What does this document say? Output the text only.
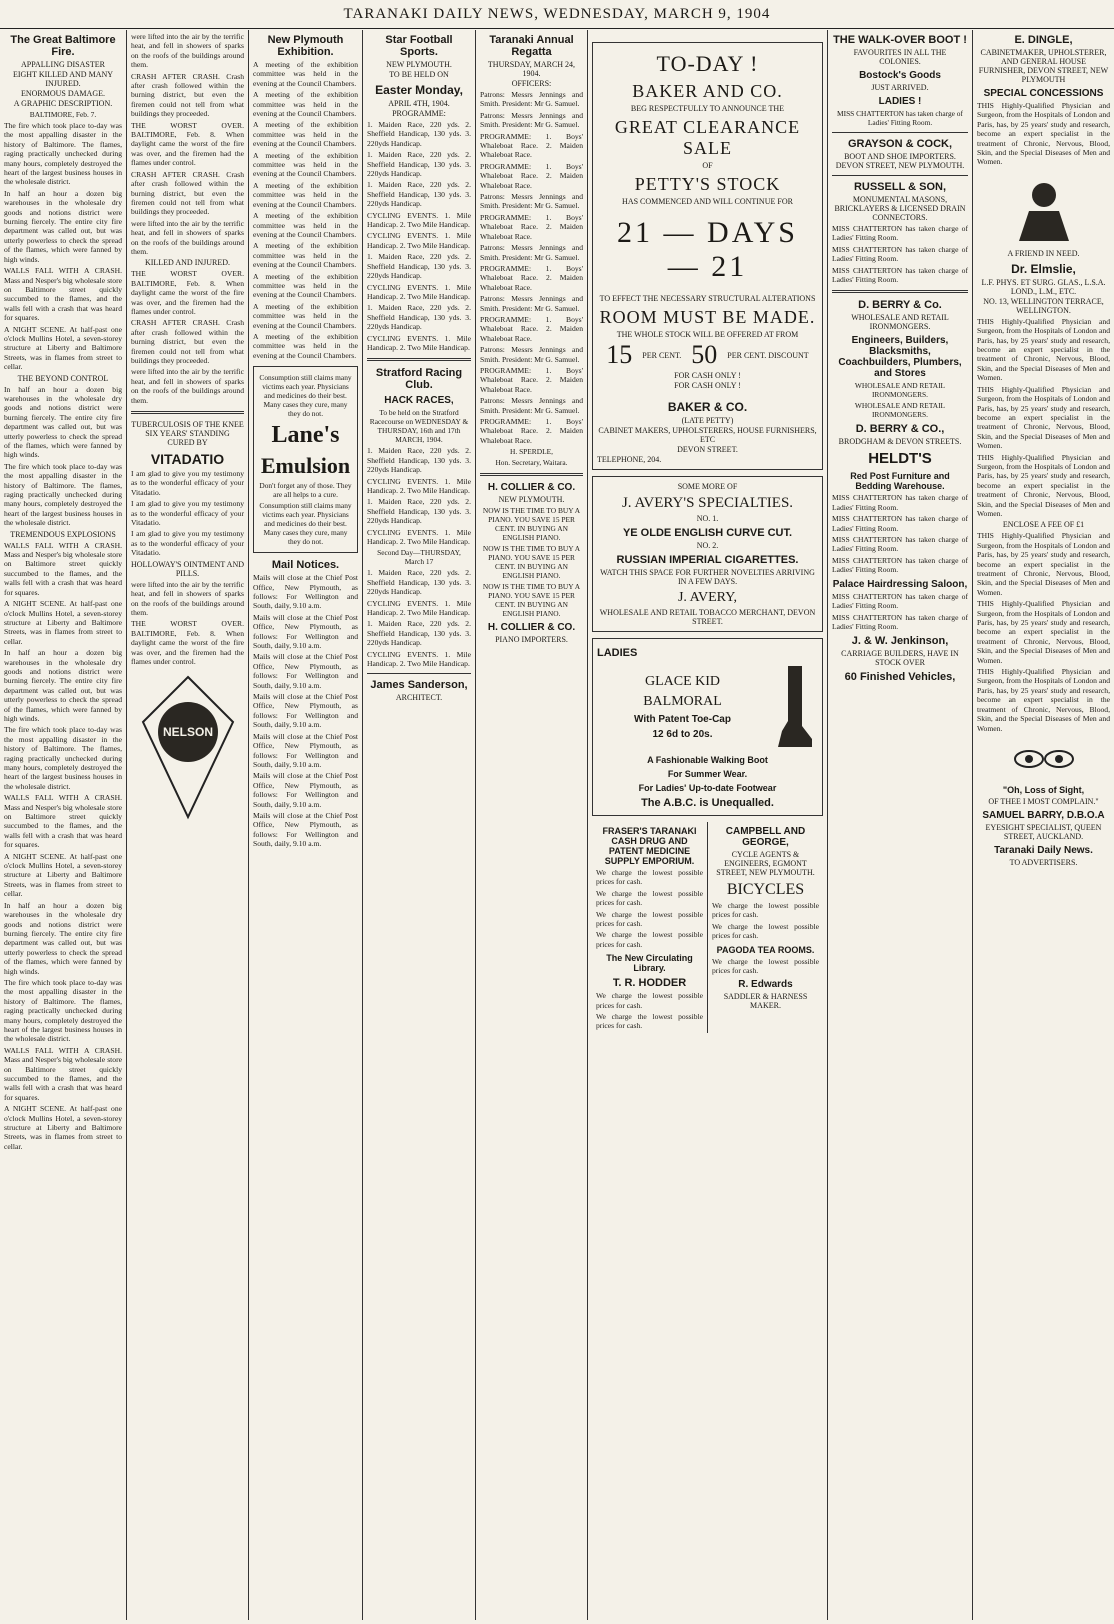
TARANAKI DAILY NEWS, WEDNESDAY, MARCH 9, 1904
The Great Baltimore Fire.
APPALLING DISASTER
EIGHT KILLED AND MANY INJURED.
ENORMOUS DAMAGE.
A GRAPHIC DESCRIPTION.
BALTIMORE, Feb. 7.

The fire which took place to-day was the most appalling disaster in the history of Baltimore. The flames, raging practically unchecked during many hours, completely destroyed the heart of the largest business houses in the wholesale district.

In half an hour a dozen big warehouses in the wholesale dry goods and notions district were burning fiercely. The entire city fire department was called out, but was utterly powerless to check the spread of the flames, which were fanned by high winds.

WALLS FALL WITH A CRASH. Mass and Nesper's big wholesale store on Baltimore street quickly succumbed to the flames, and the walls fell with a crash that was heard for squares.

A NIGHT SCENE. At half-past one o'clock Mullins Hotel, a seven-storey structure at Liberty and Baltimore Streets, was in flames from street to cellar.

THE BEYOND CONTROL

In half an hour a dozen big warehouses in the wholesale dry goods and notions district were burning fiercely. The entire city fire department was called out, but was utterly powerless to check the spread of the flames, which were fanned by high winds.

The fire which took place to-day was the most appalling disaster in the history of Baltimore. The flames, raging practically unchecked during many hours, completely destroyed the heart of the largest business houses in the wholesale district.

TREMENDOUS EXPLOSIONS

WALLS FALL WITH A CRASH. Mass and Nesper's big wholesale store on Baltimore street quickly succumbed to the flames, and the walls fell with a crash that was heard for squares.

A NIGHT SCENE. At half-past one o'clock Mullins Hotel, a seven-storey structure at Liberty and Baltimore Streets, was in flames from street to cellar.

In half an hour a dozen big warehouses in the wholesale dry goods and notions district were burning fiercely. The entire city fire department was called out, but was utterly powerless to check the spread of the flames, which were fanned by high winds.

The fire which took place to-day was the most appalling disaster in the history of Baltimore. The flames, raging practically unchecked during many hours, completely destroyed the heart of the largest business houses in the wholesale district.

WALLS FALL WITH A CRASH. Mass and Nesper's big wholesale store on Baltimore street quickly succumbed to the flames, and the walls fell with a crash that was heard for squares.

A NIGHT SCENE. At half-past one o'clock Mullins Hotel, a seven-storey structure at Liberty and Baltimore Streets, was in flames from street to cellar.

In half an hour a dozen big warehouses in the wholesale dry goods and notions district were burning fiercely. The entire city fire department was called out, but was utterly powerless to check the spread of the flames, which were fanned by high winds.

The fire which took place to-day was the most appalling disaster in the history of Baltimore. The flames, raging practically unchecked during many hours, completely destroyed the heart of the largest business houses in the wholesale district.

WALLS FALL WITH A CRASH. Mass and Nesper's big wholesale store on Baltimore street quickly succumbed to the flames, and the walls fell with a crash that was heard for squares.

A NIGHT SCENE. At half-past one o'clock Mullins Hotel, a seven-storey structure at Liberty and Baltimore Streets, was in flames from street to cellar.

were lifted into the air by the terrific heat, and fell in showers of sparks on the roofs of the buildings around them.

CRASH AFTER CRASH. Crash after crash followed within the burning district, but even the firemen could not tell from what buildings they proceeded.

THE WORST OVER. BALTIMORE, Feb. 8. When daylight came the worst of the fire was over, and the firemen had the flames under control.

CRASH AFTER CRASH. Crash after crash followed within the burning district, but even the firemen could not tell from what buildings they proceeded.

were lifted into the air by the terrific heat, and fell in showers of sparks on the roofs of the buildings around them.

KILLED AND INJURED.

THE WORST OVER. BALTIMORE, Feb. 8. When daylight came the worst of the fire was over, and the firemen had the flames under control.

CRASH AFTER CRASH. Crash after crash followed within the burning district, but even the firemen could not tell from what buildings they proceeded.

were lifted into the air by the terrific heat, and fell in showers of sparks on the roofs of the buildings around them.

TUBERCULOSIS OF THE KNEE SIX YEARS' STANDING CURED BY
VITADATIO

I am glad to give you my testimony as to the wonderful efficacy of your Vitadatio.

I am glad to give you my testimony as to the wonderful efficacy of your Vitadatio.

I am glad to give you my testimony as to the wonderful efficacy of your Vitadatio.

HOLLOWAY'S OINTMENT AND PILLS.

were lifted into the air by the terrific heat, and fell in showers of sparks on the roofs of the buildings around them.

THE WORST OVER. BALTIMORE, Feb. 8. When daylight came the worst of the fire was over, and the firemen had the flames under control.

NELSON
New Plymouth Exhibition.

A meeting of the exhibition committee was held in the evening at the Council Chambers.

A meeting of the exhibition committee was held in the evening at the Council Chambers.

A meeting of the exhibition committee was held in the evening at the Council Chambers.

A meeting of the exhibition committee was held in the evening at the Council Chambers.

A meeting of the exhibition committee was held in the evening at the Council Chambers.

A meeting of the exhibition committee was held in the evening at the Council Chambers.

A meeting of the exhibition committee was held in the evening at the Council Chambers.

A meeting of the exhibition committee was held in the evening at the Council Chambers.

A meeting of the exhibition committee was held in the evening at the Council Chambers.

A meeting of the exhibition committee was held in the evening at the Council Chambers.

Consumption still claims many victims each year. Physicians and medicines do their best. Many cases they cure, many they do not.

Lane's
Emulsion

Don't forget any of those. They are all helps to a cure.

Consumption still claims many victims each year. Physicians and medicines do their best. Many cases they cure, many they do not.

Mail Notices.

Mails will close at the Chief Post Office, New Plymouth, as follows: For Wellington and South, daily, 9.10 a.m.

Mails will close at the Chief Post Office, New Plymouth, as follows: For Wellington and South, daily, 9.10 a.m.

Mails will close at the Chief Post Office, New Plymouth, as follows: For Wellington and South, daily, 9.10 a.m.

Mails will close at the Chief Post Office, New Plymouth, as follows: For Wellington and South, daily, 9.10 a.m.

Mails will close at the Chief Post Office, New Plymouth, as follows: For Wellington and South, daily, 9.10 a.m.

Mails will close at the Chief Post Office, New Plymouth, as follows: For Wellington and South, daily, 9.10 a.m.

Mails will close at the Chief Post Office, New Plymouth, as follows: For Wellington and South, daily, 9.10 a.m.

Star Football Sports.
NEW PLYMOUTH.
TO BE HELD ON
Easter Monday,
APRIL 4TH, 1904.
PROGRAMME:

1. Maiden Race, 220 yds. 2. Sheffield Handicap, 130 yds. 3. 220yds Handicap.

1. Maiden Race, 220 yds. 2. Sheffield Handicap, 130 yds. 3. 220yds Handicap.

1. Maiden Race, 220 yds. 2. Sheffield Handicap, 130 yds. 3. 220yds Handicap.

CYCLING EVENTS. 1. Mile Handicap. 2. Two Mile Handicap.

CYCLING EVENTS. 1. Mile Handicap. 2. Two Mile Handicap.

1. Maiden Race, 220 yds. 2. Sheffield Handicap, 130 yds. 3. 220yds Handicap.

CYCLING EVENTS. 1. Mile Handicap. 2. Two Mile Handicap.

1. Maiden Race, 220 yds. 2. Sheffield Handicap, 130 yds. 3. 220yds Handicap.

CYCLING EVENTS. 1. Mile Handicap. 2. Two Mile Handicap.

Stratford Racing Club.
HACK RACES,

To be held on the Stratford Racecourse on WEDNESDAY & THURSDAY, 16th and 17th MARCH, 1904.

1. Maiden Race, 220 yds. 2. Sheffield Handicap, 130 yds. 3. 220yds Handicap.

CYCLING EVENTS. 1. Mile Handicap. 2. Two Mile Handicap.

1. Maiden Race, 220 yds. 2. Sheffield Handicap, 130 yds. 3. 220yds Handicap.

CYCLING EVENTS. 1. Mile Handicap. 2. Two Mile Handicap.

Second Day—THURSDAY, March 17

1. Maiden Race, 220 yds. 2. Sheffield Handicap, 130 yds. 3. 220yds Handicap.

CYCLING EVENTS. 1. Mile Handicap. 2. Two Mile Handicap.

1. Maiden Race, 220 yds. 2. Sheffield Handicap, 130 yds. 3. 220yds Handicap.

CYCLING EVENTS. 1. Mile Handicap. 2. Two Mile Handicap.

James Sanderson,
ARCHITECT.
Taranaki Annual Regatta
THURSDAY, MARCH 24, 1904.
OFFICERS:

Patrons: Messrs Jennings and Smith. President: Mr G. Samuel.

Patrons: Messrs Jennings and Smith. President: Mr G. Samuel.

PROGRAMME: 1. Boys' Whaleboat Race. 2. Maiden Whaleboat Race.

PROGRAMME: 1. Boys' Whaleboat Race. 2. Maiden Whaleboat Race.

Patrons: Messrs Jennings and Smith. President: Mr G. Samuel.

PROGRAMME: 1. Boys' Whaleboat Race. 2. Maiden Whaleboat Race.

Patrons: Messrs Jennings and Smith. President: Mr G. Samuel.

PROGRAMME: 1. Boys' Whaleboat Race. 2. Maiden Whaleboat Race.

Patrons: Messrs Jennings and Smith. President: Mr G. Samuel.

PROGRAMME: 1. Boys' Whaleboat Race. 2. Maiden Whaleboat Race.

Patrons: Messrs Jennings and Smith. President: Mr G. Samuel.

PROGRAMME: 1. Boys' Whaleboat Race. 2. Maiden Whaleboat Race.

Patrons: Messrs Jennings and Smith. President: Mr G. Samuel.

PROGRAMME: 1. Boys' Whaleboat Race. 2. Maiden Whaleboat Race.

H. SPERDLE,
Hon. Secretary, Waitara.
H. COLLIER & CO.
NEW PLYMOUTH.

NOW IS THE TIME TO BUY A PIANO. YOU SAVE 15 PER CENT. IN BUYING AN ENGLISH PIANO.

NOW IS THE TIME TO BUY A PIANO. YOU SAVE 15 PER CENT. IN BUYING AN ENGLISH PIANO.

NOW IS THE TIME TO BUY A PIANO. YOU SAVE 15 PER CENT. IN BUYING AN ENGLISH PIANO.

H. COLLIER & CO.
PIANO IMPORTERS.
TO-DAY !
BAKER AND CO.
BEG RESPECTFULLY TO ANNOUNCE THE
GREAT CLEARANCE SALE
OF
PETTY'S STOCK
HAS COMMENCED AND WILL CONTINUE FOR
21 — DAYS — 21
TO EFFECT THE NECESSARY STRUCTURAL ALTERATIONS
ROOM MUST BE MADE.
THE WHOLE STOCK WILL BE OFFERED AT FROM
15 PER CENT. 50 PER CENT. DISCOUNT
FOR CASH ONLY !
FOR CASH ONLY !
BAKER & CO.
(LATE PETTY)
CABINET MAKERS, UPHOLSTERERS, HOUSE FURNISHERS, ETC
DEVON STREET.
TELEPHONE, 204.
SOME MORE OF
J. AVERY'S SPECIALTIES.
NO. 1.
YE OLDE ENGLISH CURVE CUT.
NO. 2.
RUSSIAN IMPERIAL CIGARETTES.
WATCH THIS SPACE FOR FURTHER NOVELTIES ARRIVING IN A FEW DAYS.
J. AVERY,
WHOLESALE AND RETAIL TOBACCO MERCHANT, DEVON STREET.
LADIES
GLACE KID
BALMORAL
With Patent Toe-Cap
12 6d to 20s.
A Fashionable Walking Boot
For Summer Wear.
For Ladies' Up-to-date Footwear
The A.B.C. is Unequalled.
FRASER'S TARANAKI CASH DRUG AND PATENT MEDICINE SUPPLY EMPORIUM.

We charge the lowest possible prices for cash.

We charge the lowest possible prices for cash.

We charge the lowest possible prices for cash.

We charge the lowest possible prices for cash.

The New Circulating Library.
T. R. HODDER

We charge the lowest possible prices for cash.

We charge the lowest possible prices for cash.

CAMPBELL AND GEORGE,
CYCLE AGENTS & ENGINEERS, EGMONT STREET, NEW PLYMOUTH.
BICYCLES

We charge the lowest possible prices for cash.

We charge the lowest possible prices for cash.

PAGODA TEA ROOMS.

We charge the lowest possible prices for cash.

R. Edwards
SADDLER & HARNESS MAKER.
THE WALK-OVER BOOT !
FAVOURITES IN ALL THE COLONIES.
Bostock's Goods
JUST ARRIVED.
LADIES !

MISS CHATTERTON has taken charge of Ladies' Fitting Room.

GRAYSON & COCK,
BOOT AND SHOE IMPORTERS. DEVON STREET, NEW PLYMOUTH.
RUSSELL & SON,
MONUMENTAL MASONS, BRICKLAYERS & LICENSED DRAIN CONNECTORS.

MISS CHATTERTON has taken charge of Ladies' Fitting Room.

MISS CHATTERTON has taken charge of Ladies' Fitting Room.

MISS CHATTERTON has taken charge of Ladies' Fitting Room.

D. BERRY & Co.
WHOLESALE AND RETAIL IRONMONGERS.
Engineers, Builders, Blacksmiths, Coachbuilders, Plumbers, and Stores

WHOLESALE AND RETAIL IRONMONGERS.

WHOLESALE AND RETAIL IRONMONGERS.

D. BERRY & CO.,
BRODGHAM & DEVON STREETS.
HELDT'S
Red Post Furniture and Bedding Warehouse.

MISS CHATTERTON has taken charge of Ladies' Fitting Room.

MISS CHATTERTON has taken charge of Ladies' Fitting Room.

MISS CHATTERTON has taken charge of Ladies' Fitting Room.

MISS CHATTERTON has taken charge of Ladies' Fitting Room.

Palace Hairdressing Saloon,

MISS CHATTERTON has taken charge of Ladies' Fitting Room.

MISS CHATTERTON has taken charge of Ladies' Fitting Room.

J. & W. Jenkinson,
CARRIAGE BUILDERS, HAVE IN STOCK OVER
60 Finished Vehicles,
E. DINGLE,
CABINETMAKER, UPHOLSTERER, AND GENERAL HOUSE FURNISHER, DEVON STREET, NEW PLYMOUTH
SPECIAL CONCESSIONS

THIS Highly-Qualified Physician and Surgeon, from the Hospitals of London and Paris, has, by 25 years' study and research, become an expert specialist in the treatment of Chronic, Nervous, Blood, Skin, and the Special Diseases of Men and Women.

A FRIEND IN NEED.
Dr. Elmslie,
L.F. PHYS. ET SURG. GLAS., L.S.A. LOND., L.M., ETC.
NO. 13, WELLINGTON TERRACE, WELLINGTON.

THIS Highly-Qualified Physician and Surgeon, from the Hospitals of London and Paris, has, by 25 years' study and research, become an expert specialist in the treatment of Chronic, Nervous, Blood, Skin, and the Special Diseases of Men and Women.

THIS Highly-Qualified Physician and Surgeon, from the Hospitals of London and Paris, has, by 25 years' study and research, become an expert specialist in the treatment of Chronic, Nervous, Blood, Skin, and the Special Diseases of Men and Women.

THIS Highly-Qualified Physician and Surgeon, from the Hospitals of London and Paris, has, by 25 years' study and research, become an expert specialist in the treatment of Chronic, Nervous, Blood, Skin, and the Special Diseases of Men and Women.

ENCLOSE A FEE OF £1

THIS Highly-Qualified Physician and Surgeon, from the Hospitals of London and Paris, has, by 25 years' study and research, become an expert specialist in the treatment of Chronic, Nervous, Blood, Skin, and the Special Diseases of Men and Women.

THIS Highly-Qualified Physician and Surgeon, from the Hospitals of London and Paris, has, by 25 years' study and research, become an expert specialist in the treatment of Chronic, Nervous, Blood, Skin, and the Special Diseases of Men and Women.

THIS Highly-Qualified Physician and Surgeon, from the Hospitals of London and Paris, has, by 25 years' study and research, become an expert specialist in the treatment of Chronic, Nervous, Blood, Skin, and the Special Diseases of Men and Women.

"Oh, Loss of Sight,
OF THEE I MOST COMPLAIN."
SAMUEL BARRY, D.B.O.A
EYESIGHT SPECIALIST, QUEEN STREET, AUCKLAND.
Taranaki Daily News.
TO ADVERTISERS.
